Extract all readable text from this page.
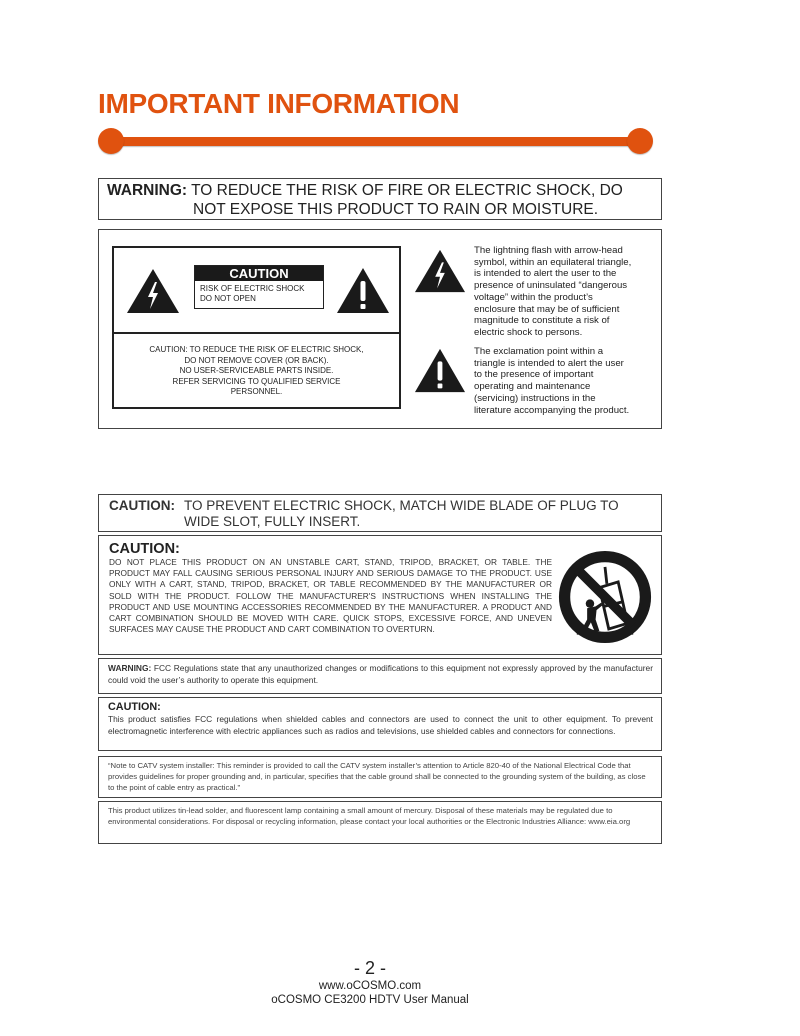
IMPORTANT INFORMATION
WARNING: TO REDUCE THE RISK OF FIRE OR ELECTRIC SHOCK, DO
NOT EXPOSE THIS PRODUCT TO RAIN OR MOISTURE.
CAUTION
RISK OF ELECTRIC SHOCK
DO NOT OPEN
CAUTION: TO REDUCE THE RISK OF ELECTRIC SHOCK,
DO NOT REMOVE COVER (OR BACK).
NO USER-SERVICEABLE PARTS INSIDE.
REFER SERVICING TO QUALIFIED SERVICE
PERSONNEL.
The lightning flash with arrow-head
symbol, within an equilateral triangle,
is intended to alert the user to the
presence of uninsulated “dangerous
voltage” within the product’s
enclosure that may be of sufficient
magnitude to constitute a risk of
electric shock to persons.
The exclamation point within a
triangle is intended to alert the user
to the presence of important
operating and maintenance
(servicing) instructions in the
literature accompanying the product.
CAUTION: TO PREVENT ELECTRIC SHOCK, MATCH WIDE BLADE OF PLUG TO
WIDE SLOT, FULLY INSERT.
CAUTION:
DO NOT PLACE THIS PRODUCT ON AN UNSTABLE CART, STAND, TRIPOD, BRACKET, OR TABLE. THE PRODUCT MAY FALL CAUSING SERIOUS PERSONAL INJURY AND SERIOUS DAMAGE TO THE PRODUCT. USE ONLY WITH A CART, STAND, TRIPOD, BRACKET, OR TABLE RECOMMENDED BY THE MANUFACTURER OR SOLD WITH THE PRODUCT. FOLLOW THE MANUFACTURER'S INSTRUCTIONS WHEN INSTALLING THE PRODUCT AND USE MOUNTING ACCESSORIES RECOMMENDED BY THE MANUFACTURER. A PRODUCT AND CART COMBINATION SHOULD BE MOVED WITH CARE. QUICK STOPS, EXCESSIVE FORCE, AND UNEVEN SURFACES MAY CAUSE THE PRODUCT AND CART COMBINATION TO OVERTURN.
WARNING: FCC Regulations state that any unauthorized changes or modifications to this equipment not expressly approved by the manufacturer could void the user’s authority to operate this equipment.
CAUTION:
This product satisfies FCC regulations when shielded cables and connectors are used to connect the unit to other equipment. To prevent electromagnetic interference with electric appliances such as radios and televisions, use shielded cables and connectors for connections.
“Note to CATV system installer: This reminder is provided to call the CATV system installer’s attention to Article 820-40 of the National Electrical Code that provides guidelines for proper grounding and, in particular, specifies that the cable ground shall be connected to the grounding system of the building, as close to the point of cable entry as practical.”
This product utilizes tin-lead solder, and fluorescent lamp containing a small amount of mercury. Disposal of these materials may be regulated due to environmental considerations. For disposal or recycling information, please contact your local authorities or the Electronic Industries Alliance: www.eia.org
- 2 -
www.oCOSMO.com
oCOSMO CE3200 HDTV User Manual
